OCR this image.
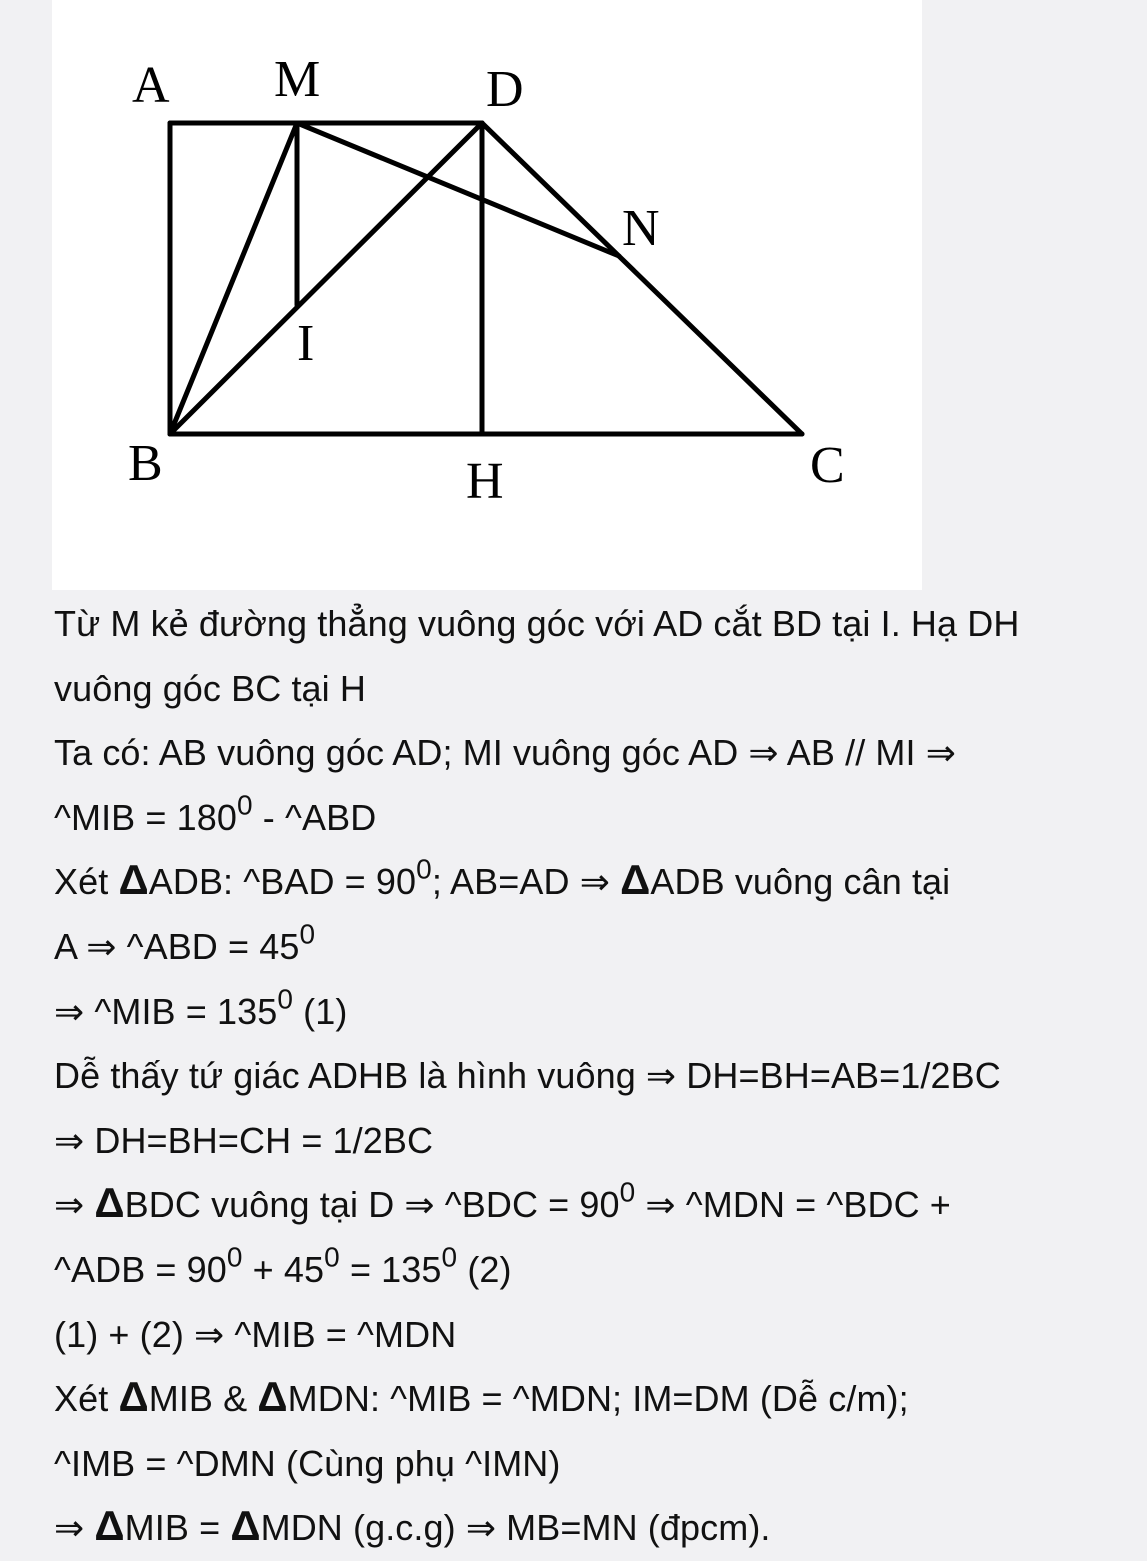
A M	D
N
I
B	H	C
Từ M kẻ đường thẳng vuông góc với AD cắt BD tại I. Hạ DH
vuông góc BC tại H
Ta có: AB vuông góc AD; MI vuông góc AD ⇒ AB // MI ⇒
^MIB = $180^0$ - ^ABD
Xét ΔADB: ^BAD = $90^0$; AB=AD ⇒ ΔADB vuông cân tại
A ⇒ ^ABD = $45^0$
⇒ ^MIB = $135^0$ (1)
Dễ thấy tứ giác ADHB là hình vuông ⇒ DH=BH=AB=1/2BC
⇒ DH=BH=CH = 1/2BC
⇒ ΔBDC vuông tại D ⇒ ^BDC = $90^0$ ⇒ ^MDN = ^BDC +
^ADB = $90^0 + 45^0 = 135^0$ (2)
(1) + (2) ⇒ ^MIB = ^MDN
Xét ΔMIB & ΔMDN: ^MIB = ^MDN; IM=DM (Dễ c/m);
^IMB = ^DMN (Cùng phụ ^IMN)
⇒ ΔMIB = ΔMDN (g.c.g) ⇒ MB=MN (đpcm).
